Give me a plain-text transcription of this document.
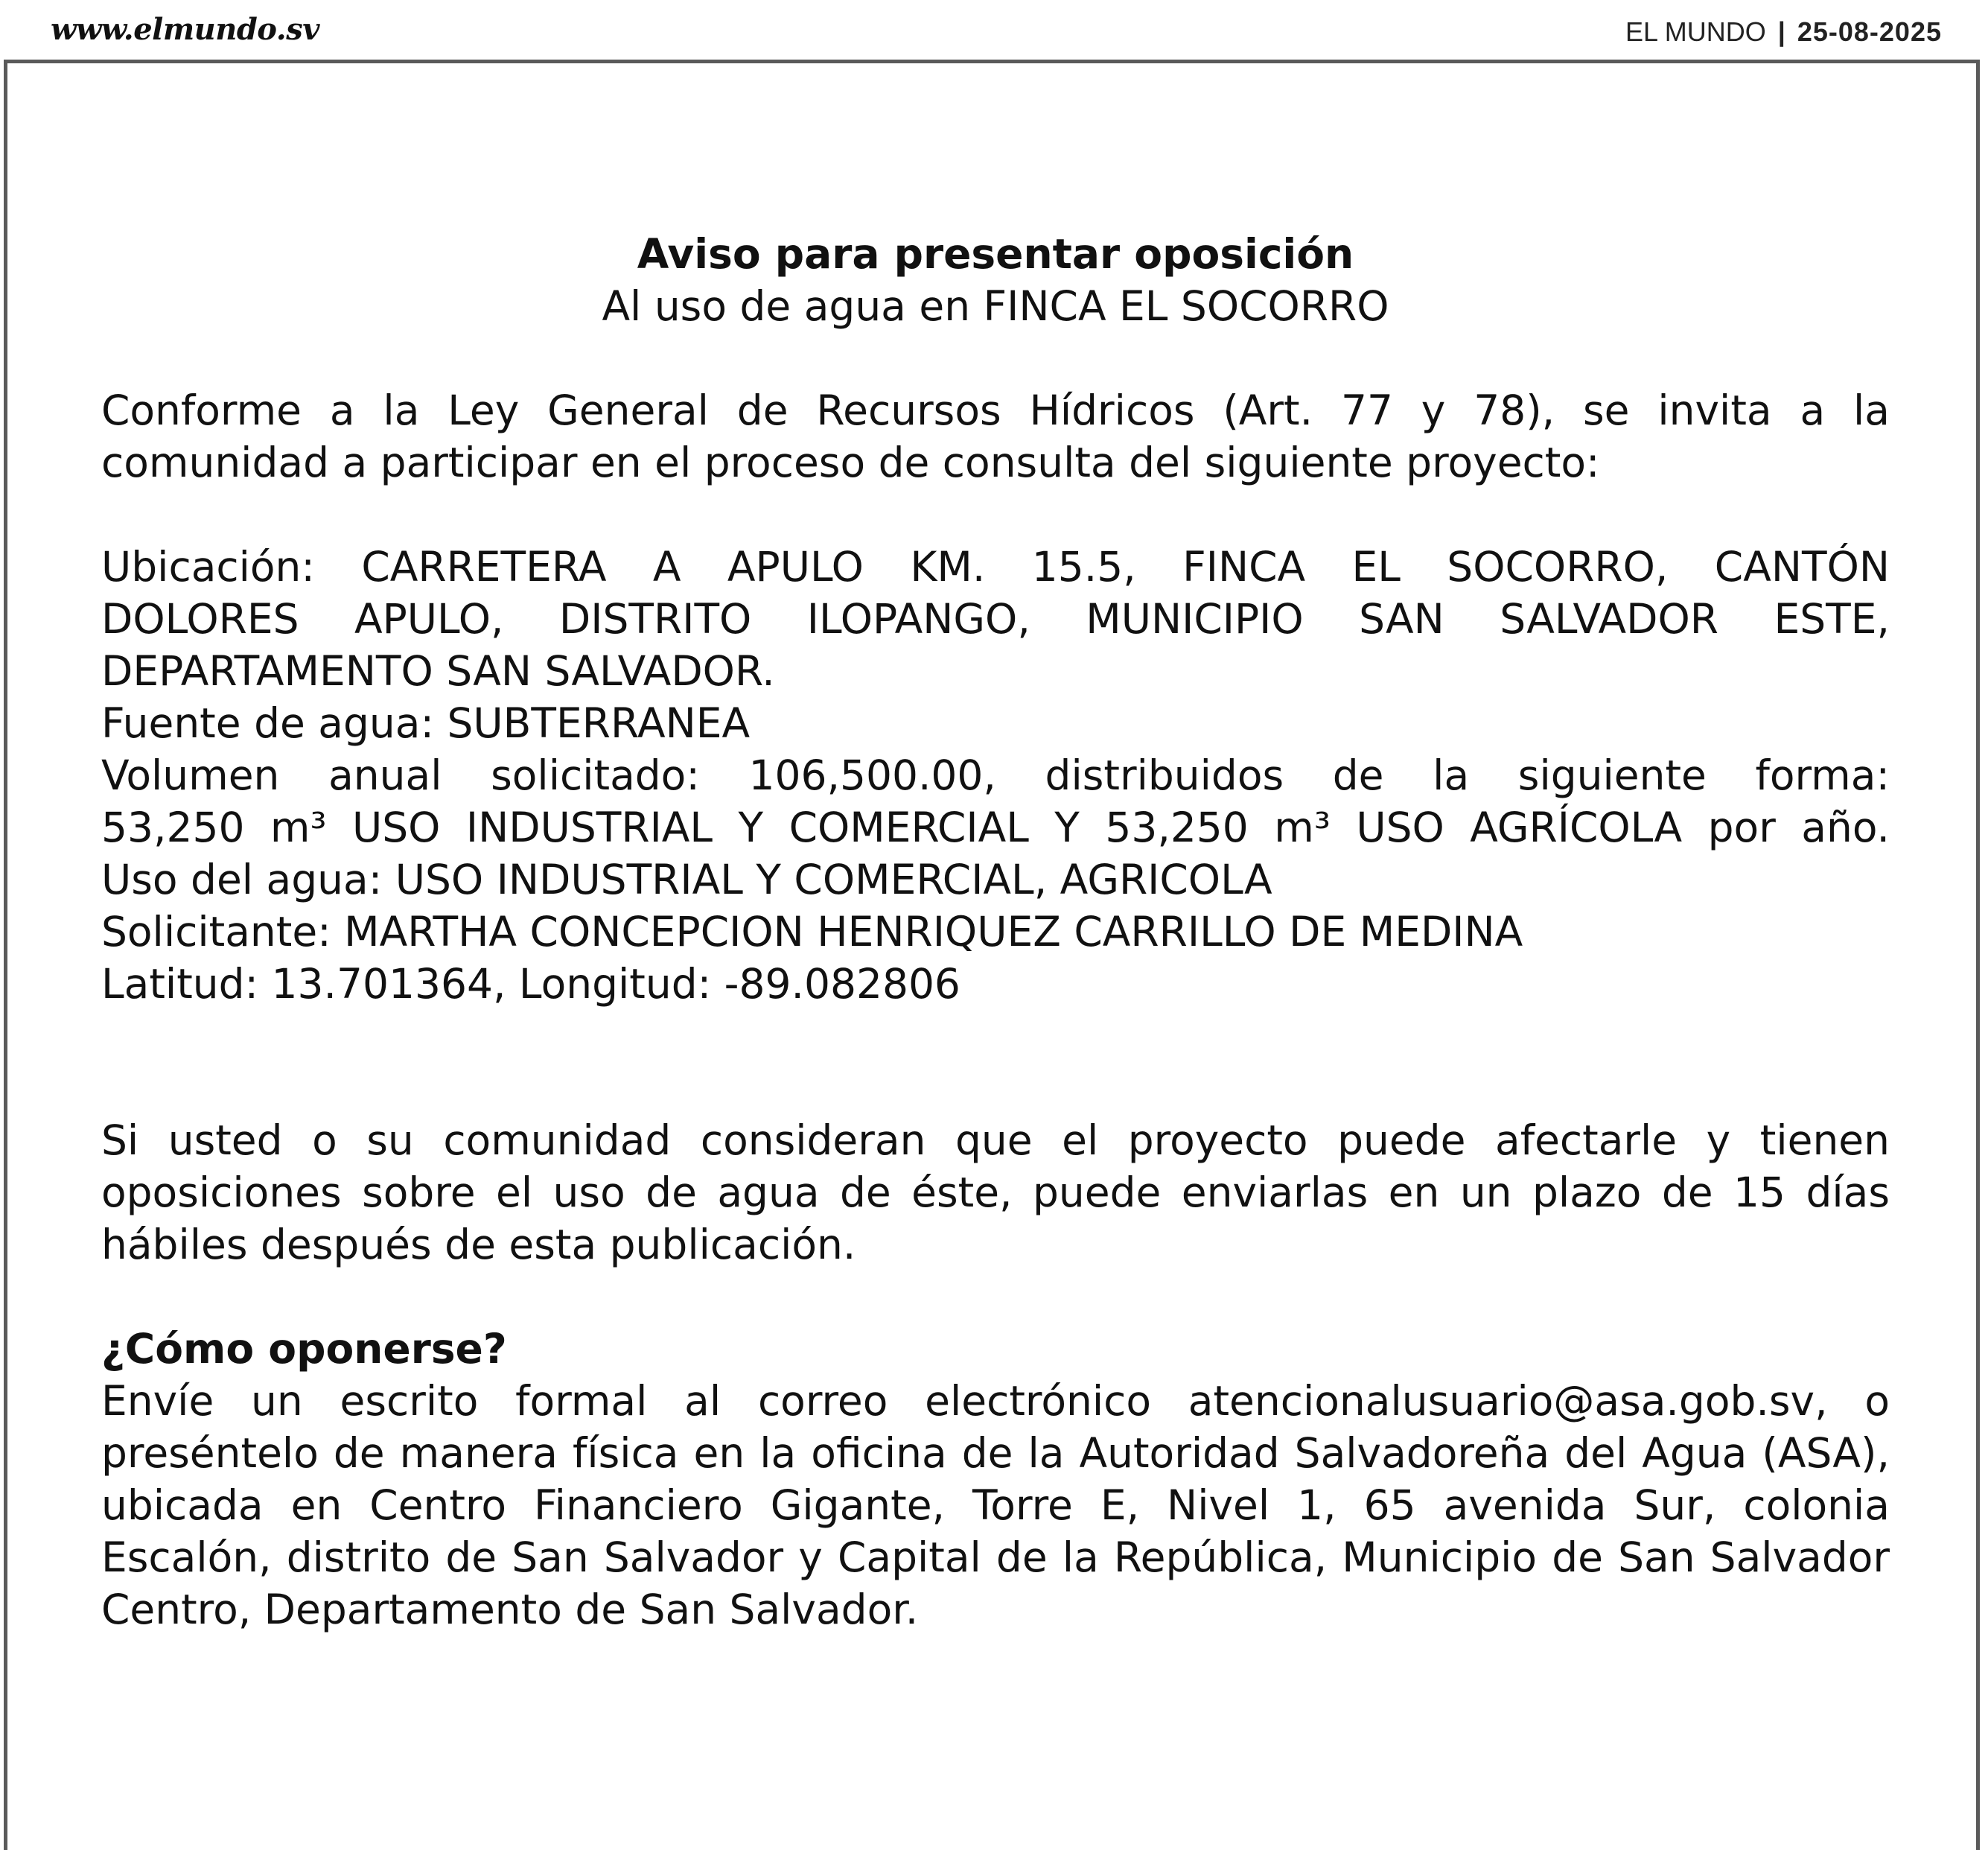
www.elmundo.sv	EL MUNDO | 25-08-2025
Aviso para presentar oposición
Al uso de agua en FINCA EL SOCORRO
Conforme a la Ley General de Recursos Hídricos (Art. 77 y 78), se invita a la comunidad a participar en el proceso de consulta del siguiente proyecto:
Ubicación: CARRETERA A APULO KM. 15.5, FINCA EL SOCORRO, CANTÓN
DOLORES APULO, DISTRITO ILOPANGO, MUNICIPIO SAN SALVADOR ESTE,
DEPARTAMENTO SAN SALVADOR.
Fuente de agua: SUBTERRANEA
Volumen anual solicitado: 106,500.00, distribuidos de la siguiente forma:
53,250 m³ USO INDUSTRIAL Y COMERCIAL Y 53,250 m³ USO AGRÍCOLA por año.
Uso del agua: USO INDUSTRIAL Y COMERCIAL, AGRICOLA
Solicitante: MARTHA CONCEPCION HENRIQUEZ CARRILLO DE MEDINA
Latitud: 13.701364, Longitud: -89.082806
Si usted o su comunidad consideran que el proyecto puede afectarle y tienen oposiciones sobre el uso de agua de éste, puede enviarlas en un plazo de 15 días hábiles después de esta publicación.
¿Cómo oponerse?
Envíe un escrito formal al correo electrónico atencionalusuario@asa.gob.sv, o preséntelo de manera física en la oficina de la Autoridad Salvadoreña del Agua (ASA), ubicada en Centro Financiero Gigante, Torre E, Nivel 1, 65 avenida Sur, colonia Escalón, distrito de San Salvador y Capital de la República, Municipio de San Salvador Centro, Departamento de San Salvador.
